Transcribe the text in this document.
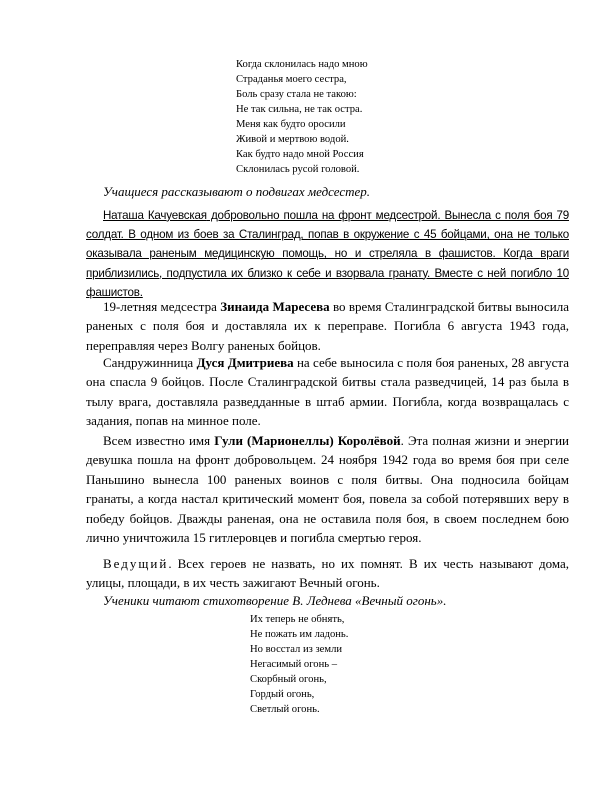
Когда склонилась надо мною
Страданья моего сестра,
Боль сразу стала не такою:
Не так сильна, не так остра.
Меня как будто оросили
Живой и мертвою водой.
Как будто надо мной Россия
Склонилась русой головой.
Учащиеся рассказывают о подвигах медсестер.

Наташа Качуевская добровольно пошла на фронт медсестрой. Вынесла с поля боя 79 солдат. В одном из боев за Сталинград, попав в окружение с 45 бойцами, она не только оказывала раненым медицинскую помощь, но и стреляла в фашистов. Когда враги приблизились, подпустила их близко к себе и взорвала гранату. Вместе с ней погибло 10 фашистов.

19-летняя медсестра Зинаида Маресева во время Сталинградской битвы выносила раненых с поля боя и доставляла их к переправе. Погибла 6 августа 1943 года, переправляя через Волгу раненых бойцов.

Сандружинница Дуся Дмитриева на себе выносила с поля боя раненых, 28 августа она спасла 9 бойцов. После Сталинградской битвы стала разведчицей, 14 раз была в тылу врага, доставляла разведданные в штаб армии. Погибла, когда возвращалась с задания, попав на минное поле.

Всем известно имя Гули (Марионеллы) Королёвой. Эта полная жизни и энергии девушка пошла на фронт добровольцем. 24 ноября 1942 года во время боя при селе Паньшино вынесла 100 раненых воинов с поля битвы. Она подносила бойцам гранаты, а когда настал критический момент боя, повела за собой потерявших веру в победу бойцов. Дважды раненая, она не оставила поля боя, в своем последнем бою лично уничтожила 15 гитлеровцев и погибла смертью героя.

Ведущий. Всех героев не назвать, но их помнят. В их честь называют дома, улицы, площади, в их честь зажигают Вечный огонь.

Ученики читают стихотворение В. Леднева «Вечный огонь».
Их теперь не обнять,
Не пожать им ладонь.
Но восстал из земли
Негасимый огонь –
Скорбный огонь,
Гордый огонь,
Светлый огонь.
